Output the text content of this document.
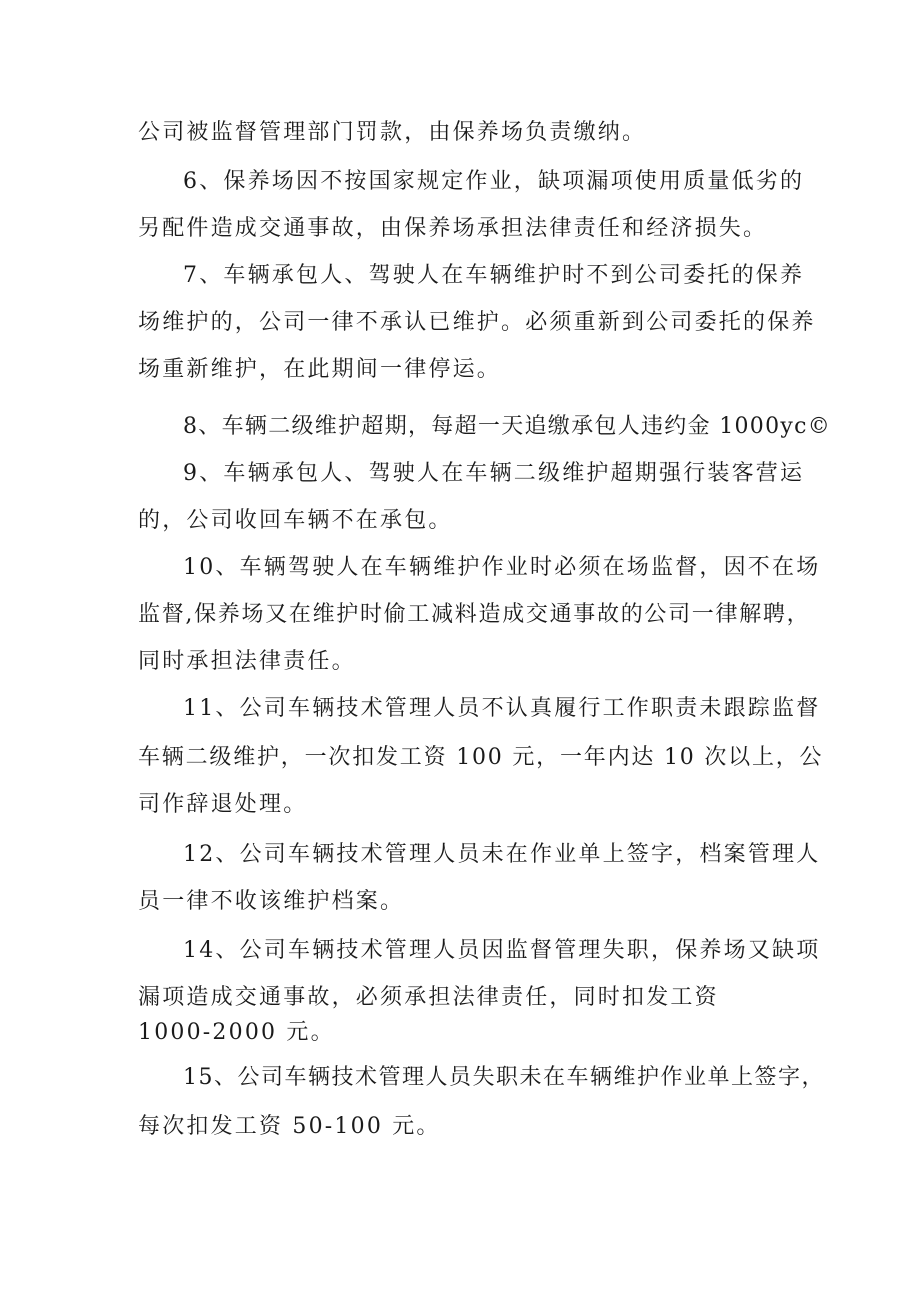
公司被监督管理部门罚款，由保养场负责缴纳。
6、保养场因不按国家规定作业，缺项漏项使用质量低劣的
另配件造成交通事故，由保养场承担法律责任和经济损失。
7、车辆承包人、驾驶人在车辆维护时不到公司委托的保养
场维护的，公司一律不承认已维护。必须重新到公司委托的保养
场重新维护，在此期间一律停运。
8、车辆二级维护超期，每超一天追缴承包人违约金 1000yc©
9、车辆承包人、驾驶人在车辆二级维护超期强行装客营运
的，公司收回车辆不在承包。
10、车辆驾驶人在车辆维护作业时必须在场监督，因不在场
监督,保养场又在维护时偷工减料造成交通事故的公司一律解聘，
同时承担法律责任。
11、公司车辆技术管理人员不认真履行工作职责未跟踪监督
车辆二级维护，一次扣发工资 100 元，一年内达 10 次以上，公
司作辞退处理。
12、公司车辆技术管理人员未在作业单上签字，档案管理人
员一律不收该维护档案。
14、公司车辆技术管理人员因监督管理失职，保养场又缺项
漏项造成交通事故，必须承担法律责任，同时扣发工资
1000-2000 元。
15、公司车辆技术管理人员失职未在车辆维护作业单上签字，
每次扣发工资 50-100 元。
